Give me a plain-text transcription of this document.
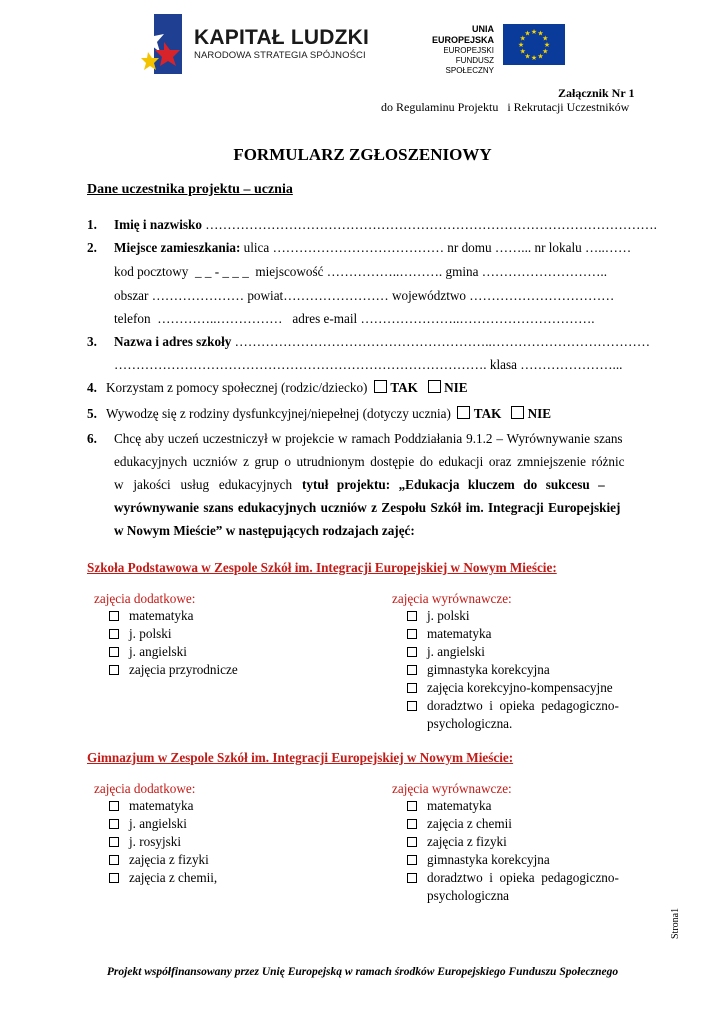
KAPITAŁ LUDZKI
NARODOWA STRATEGIA SPÓJNOŚCI
UNIA EUROPEJSKA
EUROPEJSKI
FUNDUSZ SPOŁECZNY
★ ★
★
★
★
★
★
★
★
★
★
★
Załącznik Nr 1
do Regulaminu Projektu   i Rekrutacji Uczestników
FORMULARZ ZGŁOSZENIOWY
Dane uczestnika projektu – ucznia
1. Imię i nazwisko ………………………………………………………………………………………….
2. Miejsce zamieszkania: ulica ………………………………… nr domu ……... nr lokalu …..……
kod pocztowy  _ _ - _ _ _  miejscowość ……………..………. gmina ………………………..
obszar ………………… powiat…………………… województwo ……………………………
telefon  …………..……………   adres e-mail …………………..………………………….
3. Nazwa i adres szkoły …………………………………………………..………………………………
…………………………………………………………………………. klasa …………………...
4. Korzystam z pomocy społecznej (rodzic/dziecko) TAK NIE
5. Wywodzę się z rodziny dysfunkcyjnej/niepełnej (dotyczy ucznia) TAK NIE
6. Chcę aby uczeń uczestniczył w projekcie w ramach Poddziałania 9.1.2 – Wyrównywanie szans
edukacyjnych uczniów z grup o utrudnionym dostępie do edukacji oraz zmniejszenie różnic
w jakości usług edukacyjnych tytuł projektu: „Edukacja kluczem do sukcesu –
wyrównywanie szans edukacyjnych uczniów z Zespołu Szkół im. Integracji Europejskiej
w Nowym Mieście” w następujących rodzajach zajęć:
Szkoła Podstawowa w Zespole Szkół im. Integracji Europejskiej w Nowym Mieście:
zajęcia dodatkowe:
matematyka
j. polski
j. angielski
zajęcia przyrodnicze
zajęcia wyrównawcze:
j. polski
matematyka
j. angielski
gimnastyka korekcyjna
zajęcia korekcyjno-kompensacyjne
doradztwo  i  opieka  pedagogiczno-
psychologiczna.
Gimnazjum w Zespole Szkół im. Integracji Europejskiej w Nowym Mieście:
zajęcia dodatkowe:
matematyka
j. angielski
j. rosyjski
zajęcia z fizyki
zajęcia z chemii,
zajęcia wyrównawcze:
matematyka
zajęcia z chemii
zajęcia z fizyki
gimnastyka korekcyjna
doradztwo  i  opieka  pedagogiczno-
psychologiczna
Strona1
Projekt współfinansowany przez Unię Europejską w ramach środków Europejskiego Funduszu Społecznego
